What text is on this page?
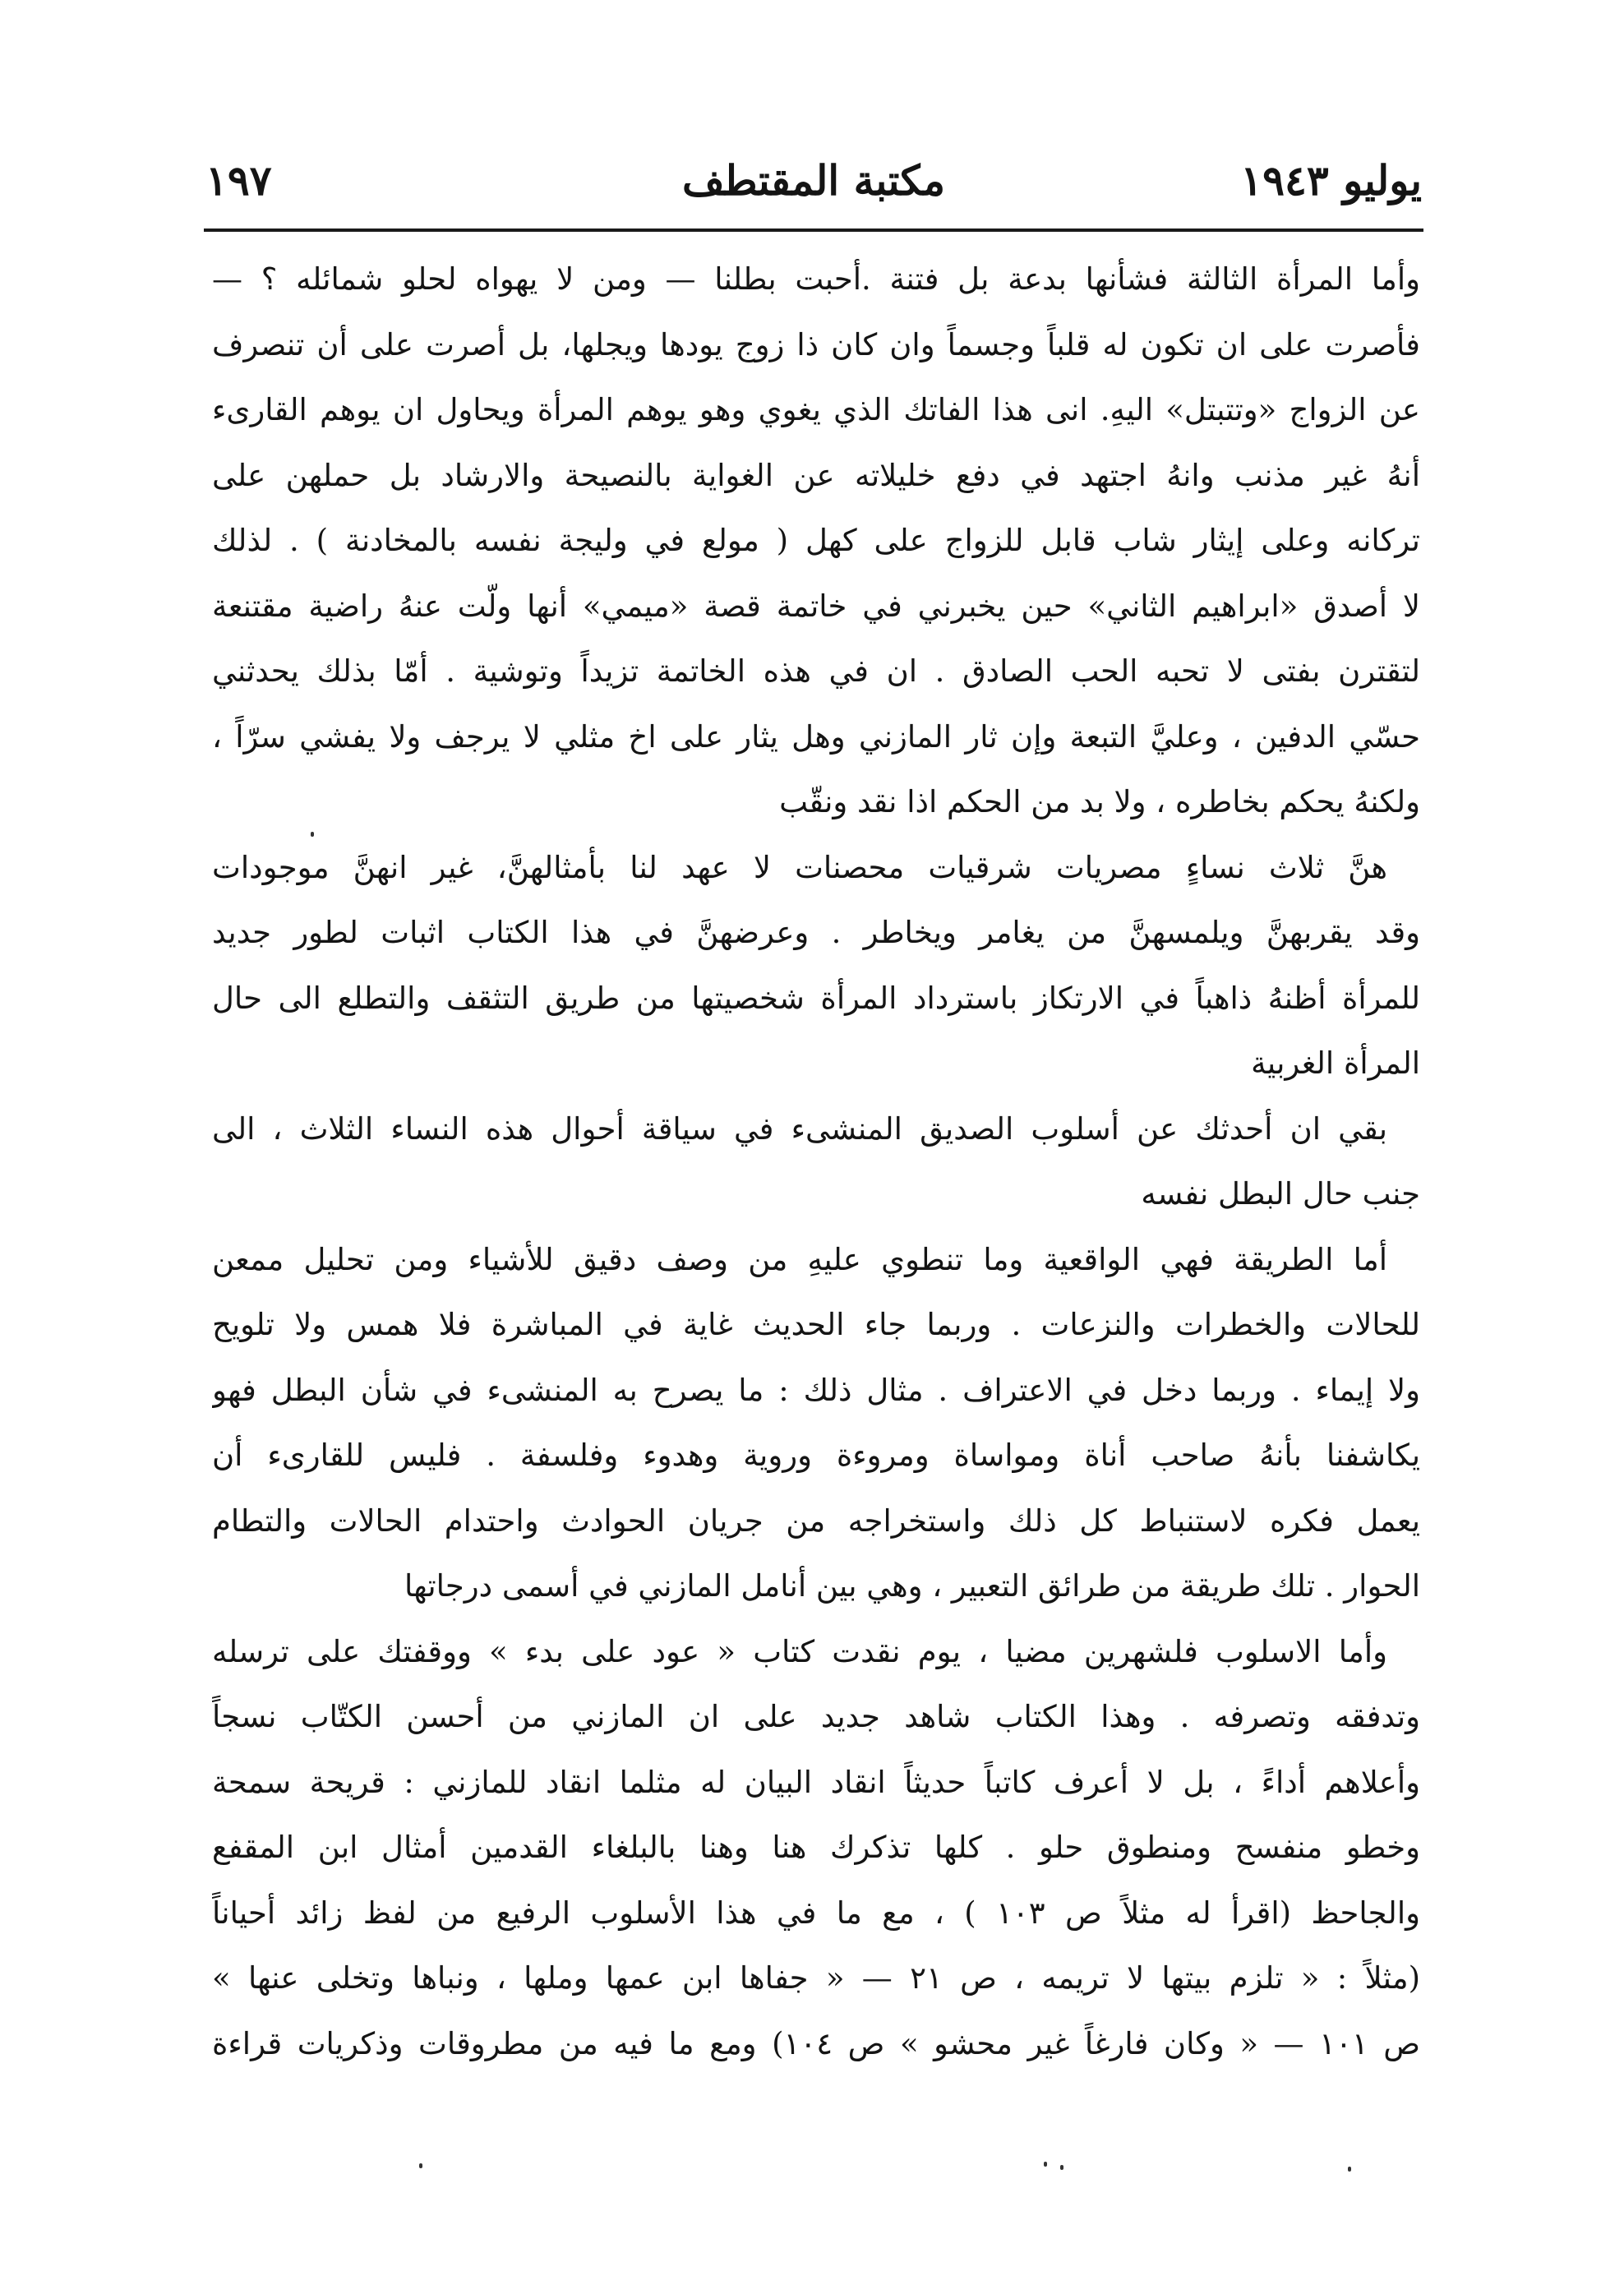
يوليو ١٩٤٣
مكتبة المقتطف
١٩٧
وأما المرأة الثالثة فشأنها بدعة بل فتنة .أحبت بطلنا — ومن لا يهواه لحلو شمائله ؟ —
فأصرت على ان تكون له قلباً وجسماً وان كان ذا زوج يودها ويجلها، بل أصرت على أن تنصرف
عن الزواج «وتتبتل» اليهِ. انى هذا الفاتك الذي يغوي وهو يوهم المرأة ويحاول ان يوهم القارىء
أنهُ غير مذنب وانهُ اجتهد في دفع خليلاته عن الغواية بالنصيحة والارشاد بل حملهن على
تركانه وعلى إيثار شاب قابل للزواج على كهل ( مولع في وليجة نفسه بالمخادنة ) . لذلك
لا أصدق «ابراهيم الثاني» حين يخبرني في خاتمة قصة «ميمي» أنها ولّت عنهُ راضية مقتنعة
لتقترن بفتى لا تحبه الحب الصادق . ان في هذه الخاتمة تزيداً وتوشية . أمّا بذلك يحدثني
حسّي الدفين ، وعليَّ التبعة وإن ثار المازني وهل يثار على اخ مثلي لا يرجف ولا يفشي سرّاً ،
ولكنهُ يحكم بخاطره ، ولا بد من الحكم اذا نقد ونقّب
هنَّ ثلاث نساءٍ مصريات شرقيات محصنات لا عهد لنا بأمثالهنَّ، غير انهنَّ موجودات
وقد يقربهنَّ ويلمسهنَّ من يغامر ويخاطر . وعرضهنَّ في هذا الكتاب اثبات لطور جديد
للمرأة أظنهُ ذاهباً في الارتكاز باسترداد المرأة شخصيتها من طريق التثقف والتطلع الى حال
المرأة الغربية
بقي ان أحدثك عن أسلوب الصديق المنشىء في سياقة أحوال هذه النساء الثلاث ، الى
جنب حال البطل نفسه
أما الطريقة فهي الواقعية وما تنطوي عليهِ من وصف دقيق للأشياء ومن تحليل ممعن
للحالات والخطرات والنزعات . وربما جاء الحديث غاية في المباشرة فلا همس ولا تلويح
ولا إيماء . وربما دخل في الاعتراف . مثال ذلك : ما يصرح به المنشىء في شأن البطل فهو
يكاشفنا بأنهُ صاحب أناة ومواساة ومروءة وروية وهدوء وفلسفة . فليس للقارىء أن
يعمل فكره لاستنباط كل ذلك واستخراجه من جريان الحوادث واحتدام الحالات والتطام
الحوار . تلك طريقة من طرائق التعبير ، وهي بين أنامل المازني في أسمى درجاتها
وأما الاسلوب فلشهرين مضيا ، يوم نقدت كتاب « عود على بدء » ووقفتك على ترسله
وتدفقه وتصرفه . وهذا الكتاب شاهد جديد على ان المازني من أحسن الكتّاب نسجاً
وأعلاهم أداءً ، بل لا أعرف كاتباً حديثاً انقاد البيان له مثلما انقاد للمازني : قريحة سمحة
وخطو منفسح ومنطوق حلو . كلها تذكرك هنا وهنا بالبلغاء القدمين أمثال ابن المقفع
والجاحظ (اقرأ له مثلاً ص ١٠٣ ) ، مع ما في هذا الأسلوب الرفيع من لفظ زائد أحياناً
(مثلاً : « تلزم بيتها لا تريمه ، ص ٢١ — « جفاها ابن عمها وملها ، ونباها وتخلى عنها »
ص ١٠١ — « وكان فارغاً غير محشو » ص ١٠٤) ومع ما فيه من مطروقات وذكريات قراءة
